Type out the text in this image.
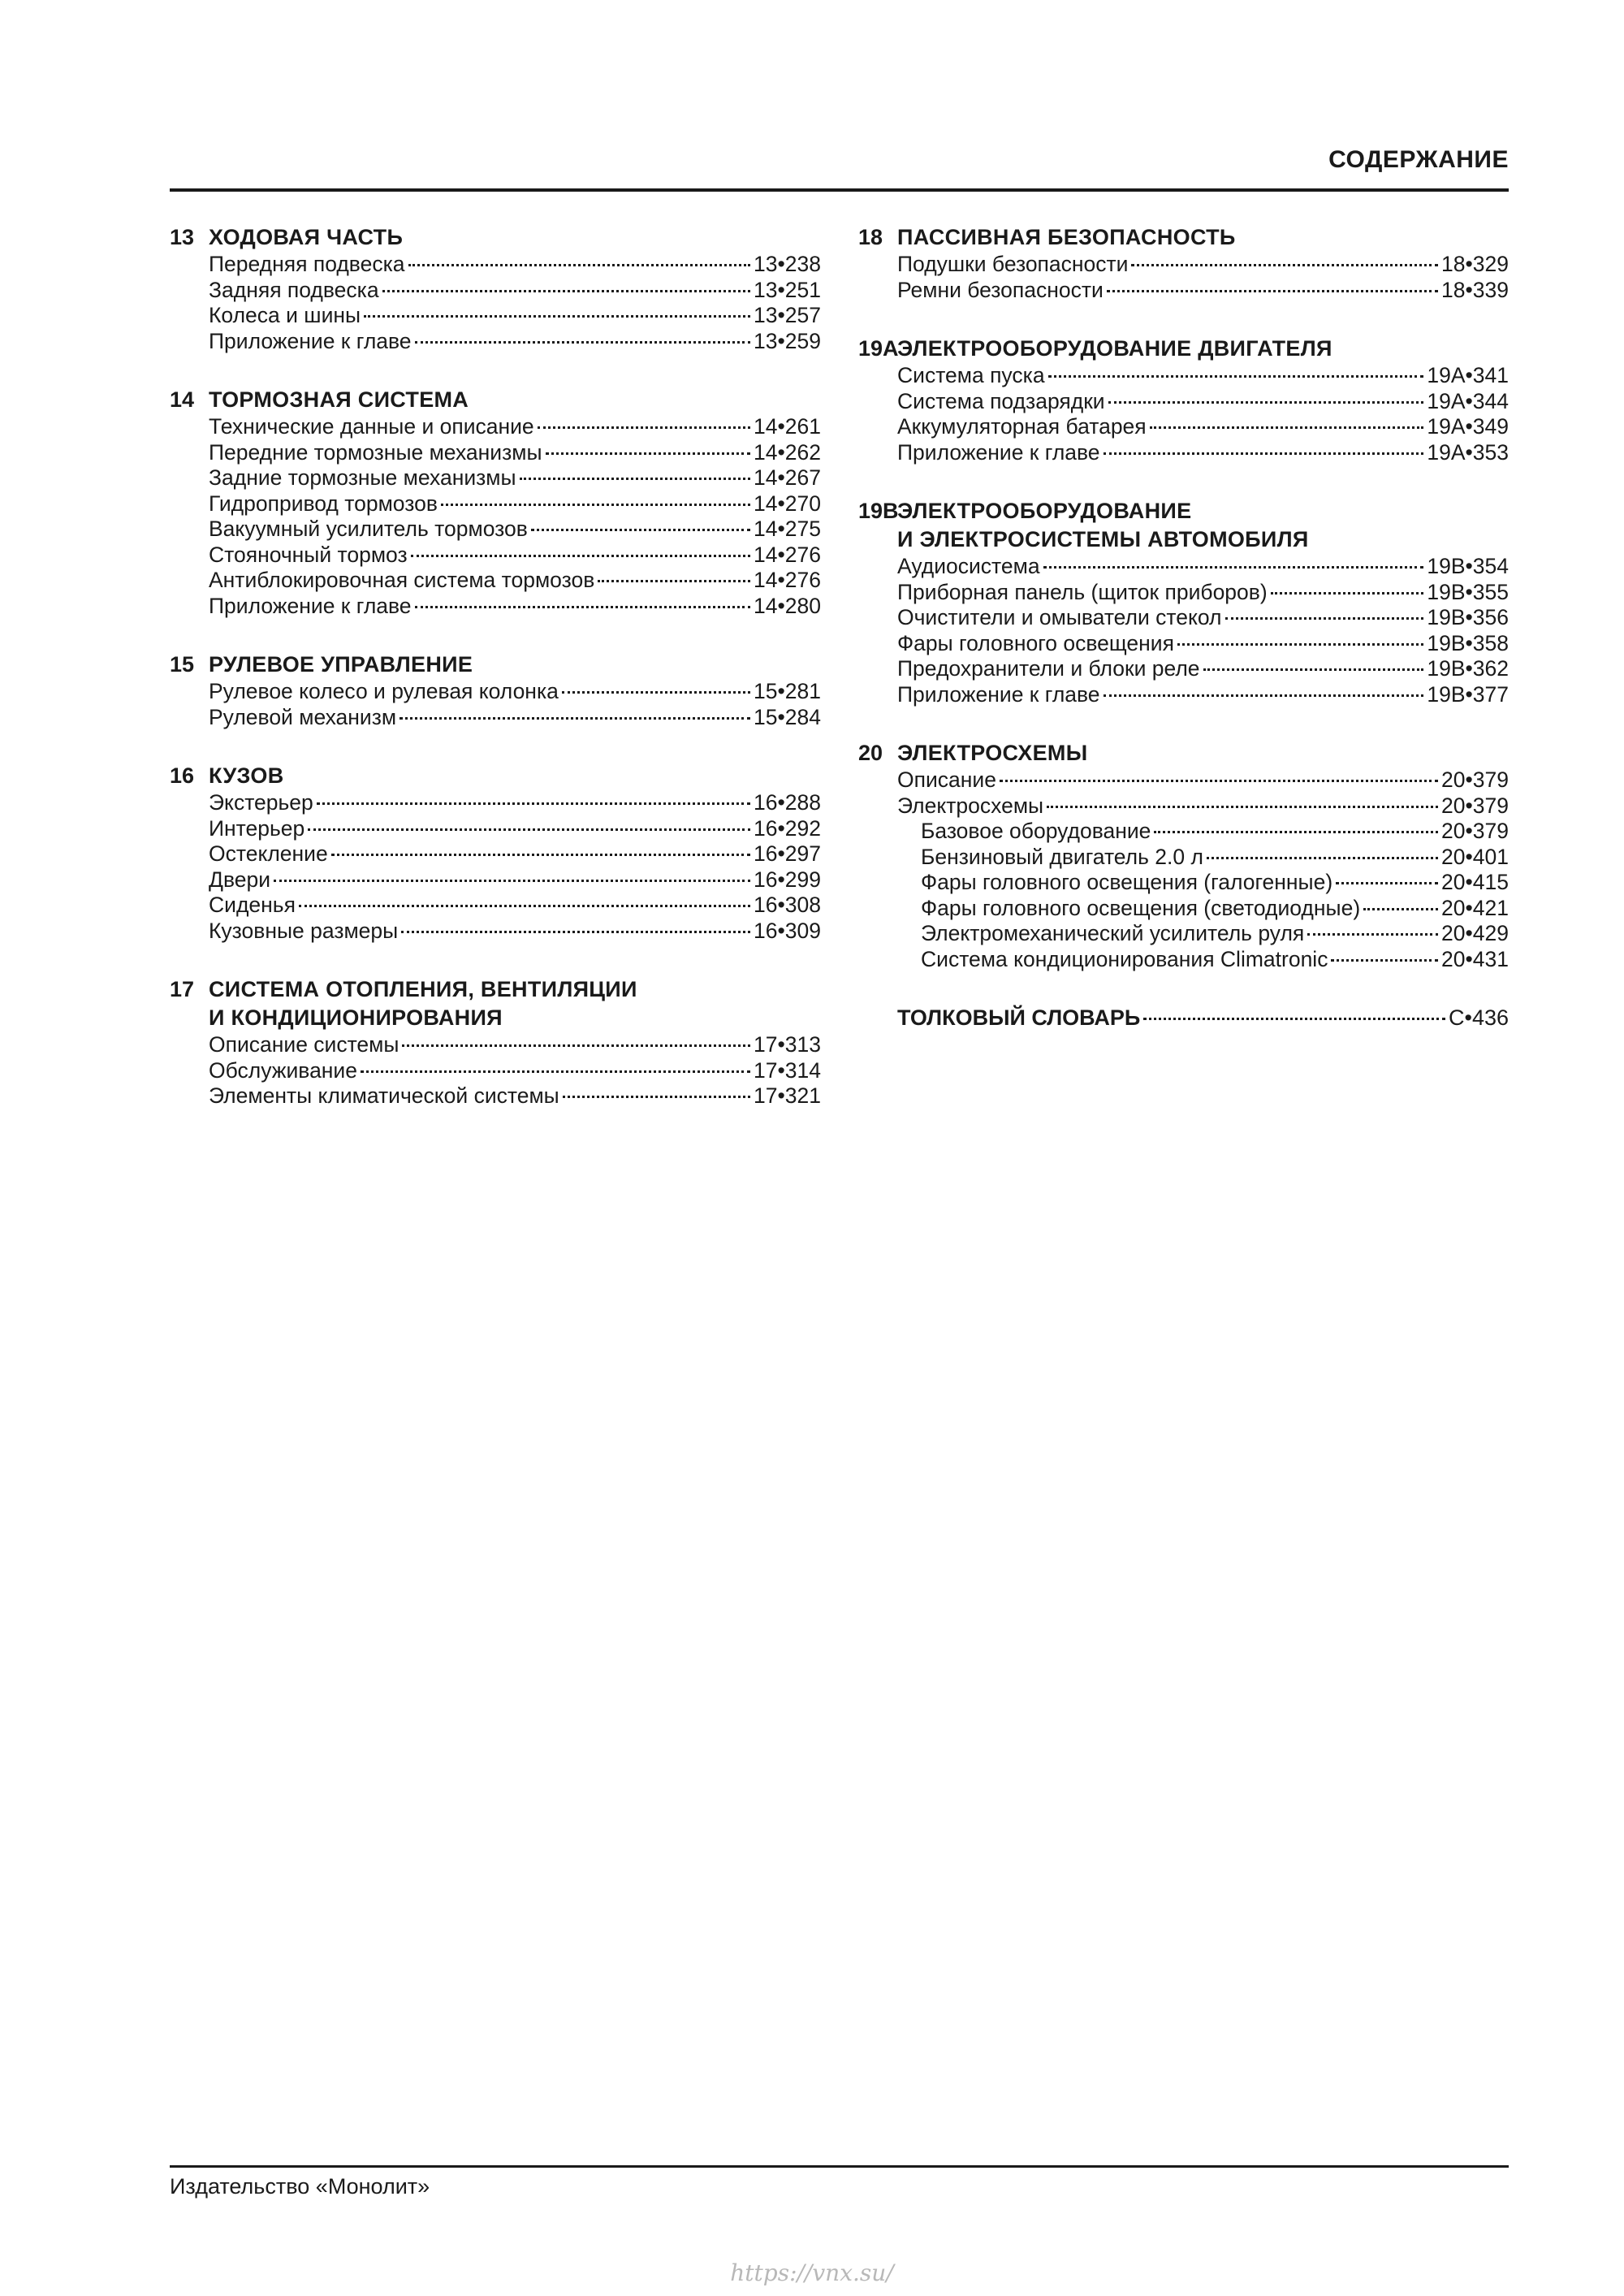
СОДЕРЖАНИЕ
13 ХОДОВАЯ ЧАСТЬ
Передняя подвеска	13•238
Задняя подвеска	13•251
Колеса и шины	13•257
Приложение к главе	13•259
14 ТОРМОЗНАЯ СИСТЕМА
Технические данные и описание	14•261
Передние тормозные механизмы	14•262
Задние тормозные механизмы	14•267
Гидропривод тормозов	14•270
Вакуумный усилитель тормозов	14•275
Стояночный тормоз	14•276
Антиблокировочная система тормозов	14•276
Приложение к главе	14•280
15 РУЛЕВОЕ УПРАВЛЕНИЕ
Рулевое колесо и рулевая колонка	15•281
Рулевой механизм	15•284
16 КУЗОВ
Экстерьер	16•288
Интерьер	16•292
Остекление	16•297
Двери	16•299
Сиденья	16•308
Кузовные размеры	16•309
17 СИСТЕМА ОТОПЛЕНИЯ, ВЕНТИЛЯЦИИ
И КОНДИЦИОНИРОВАНИЯ
Описание системы	17•313
Обслуживание	17•314
Элементы климатической системы	17•321
18 ПАССИВНАЯ БЕЗОПАСНОСТЬ
Подушки безопасности	18•329
Ремни безопасности	18•339
19A
ЭЛЕКТРООБОРУДОВАНИЕ ДВИГАТЕЛЯ
Система пуска	19A•341
Система подзарядки	19A•344
Аккумуляторная батарея	19A•349
Приложение к главе	19A•353
19B
ЭЛЕКТРООБОРУДОВАНИЕ
И ЭЛЕКТРОСИСТЕМЫ АВТОМОБИЛЯ
Аудиосистема	19B•354
Приборная панель (щиток приборов)	19B•355
Очистители и омыватели стекол	19B•356
Фары головного освещения	19B•358
Предохранители и блоки реле	19B•362
Приложение к главе	19B•377
20 ЭЛЕКТРОСХЕМЫ
Описание	20•379
Электросхемы	20•379
Базовое оборудование	20•379
Бензиновый двигатель 2.0 л	20•401
Фары головного освещения (галогенные)	20•415
Фары головного освещения (светодиодные)	20•421
Электромеханический усилитель руля	20•429
Система кондиционирования Climatronic	20•431
ТОЛКОВЫЙ СЛОВАРЬ	С•436
Издательство «Монолит»
https://vnx.su/
